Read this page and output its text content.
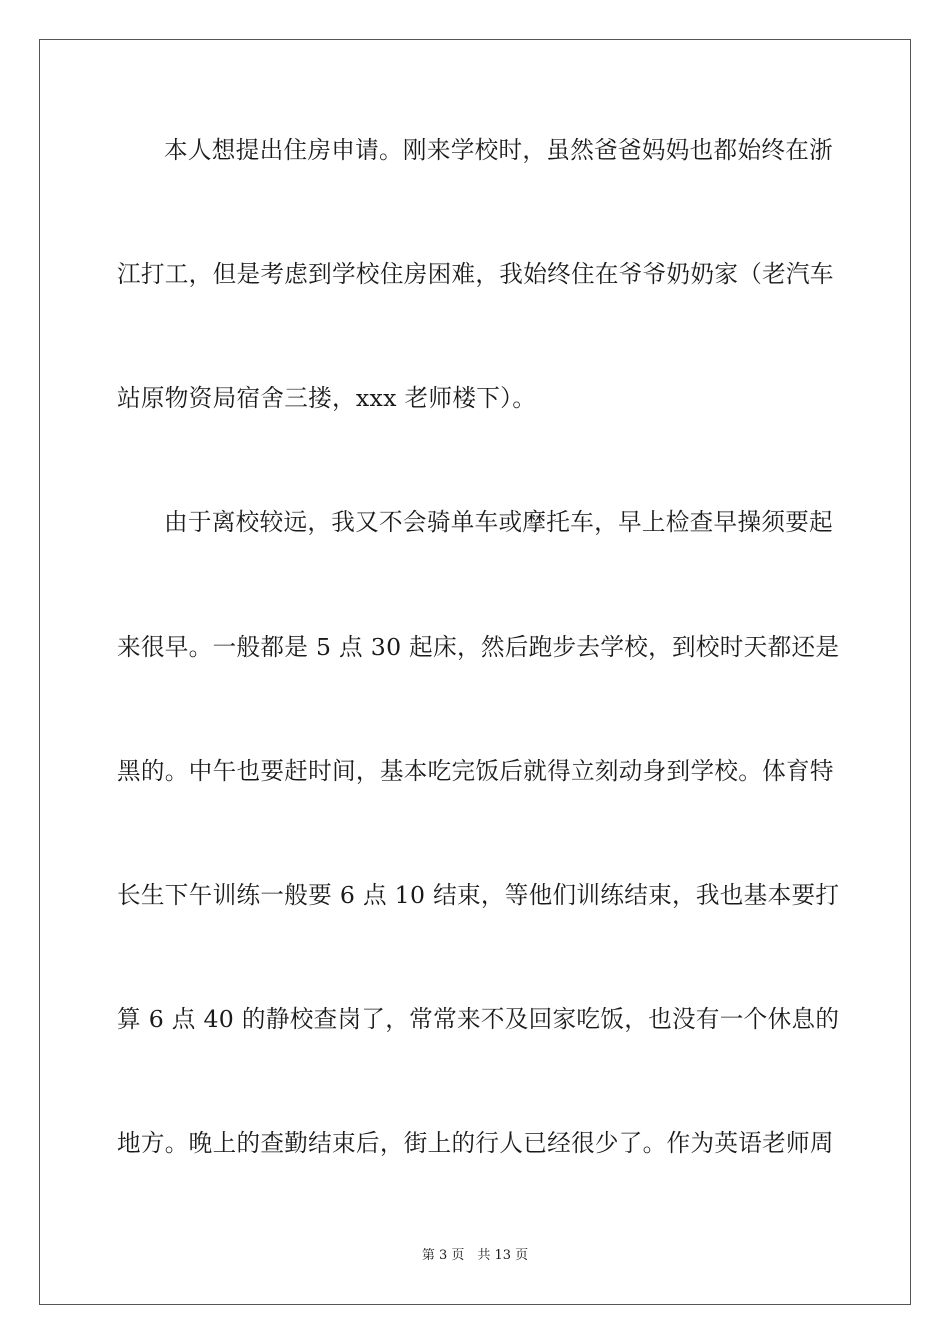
本人想提出住房申请。刚来学校时，虽然爸爸妈妈也都始终在浙
江打工，但是考虑到学校住房困难，我始终住在爷爷奶奶家（老汽车
站原物资局宿舍三搂，xxx 老师楼下）。
由于离校较远，我又不会骑单车或摩托车，早上检查早操须要起
来很早。一般都是 5 点 30 起床，然后跑步去学校，到校时天都还是
黑的。中午也要赶时间，基本吃完饭后就得立刻动身到学校。体育特
长生下午训练一般要 6 点 10 结束，等他们训练结束，我也基本要打
算 6 点 40 的静校查岗了，常常来不及回家吃饭，也没有一个休息的
地方。晚上的查勤结束后，街上的行人已经很少了。作为英语老师周
第 3 页　共 13 页
